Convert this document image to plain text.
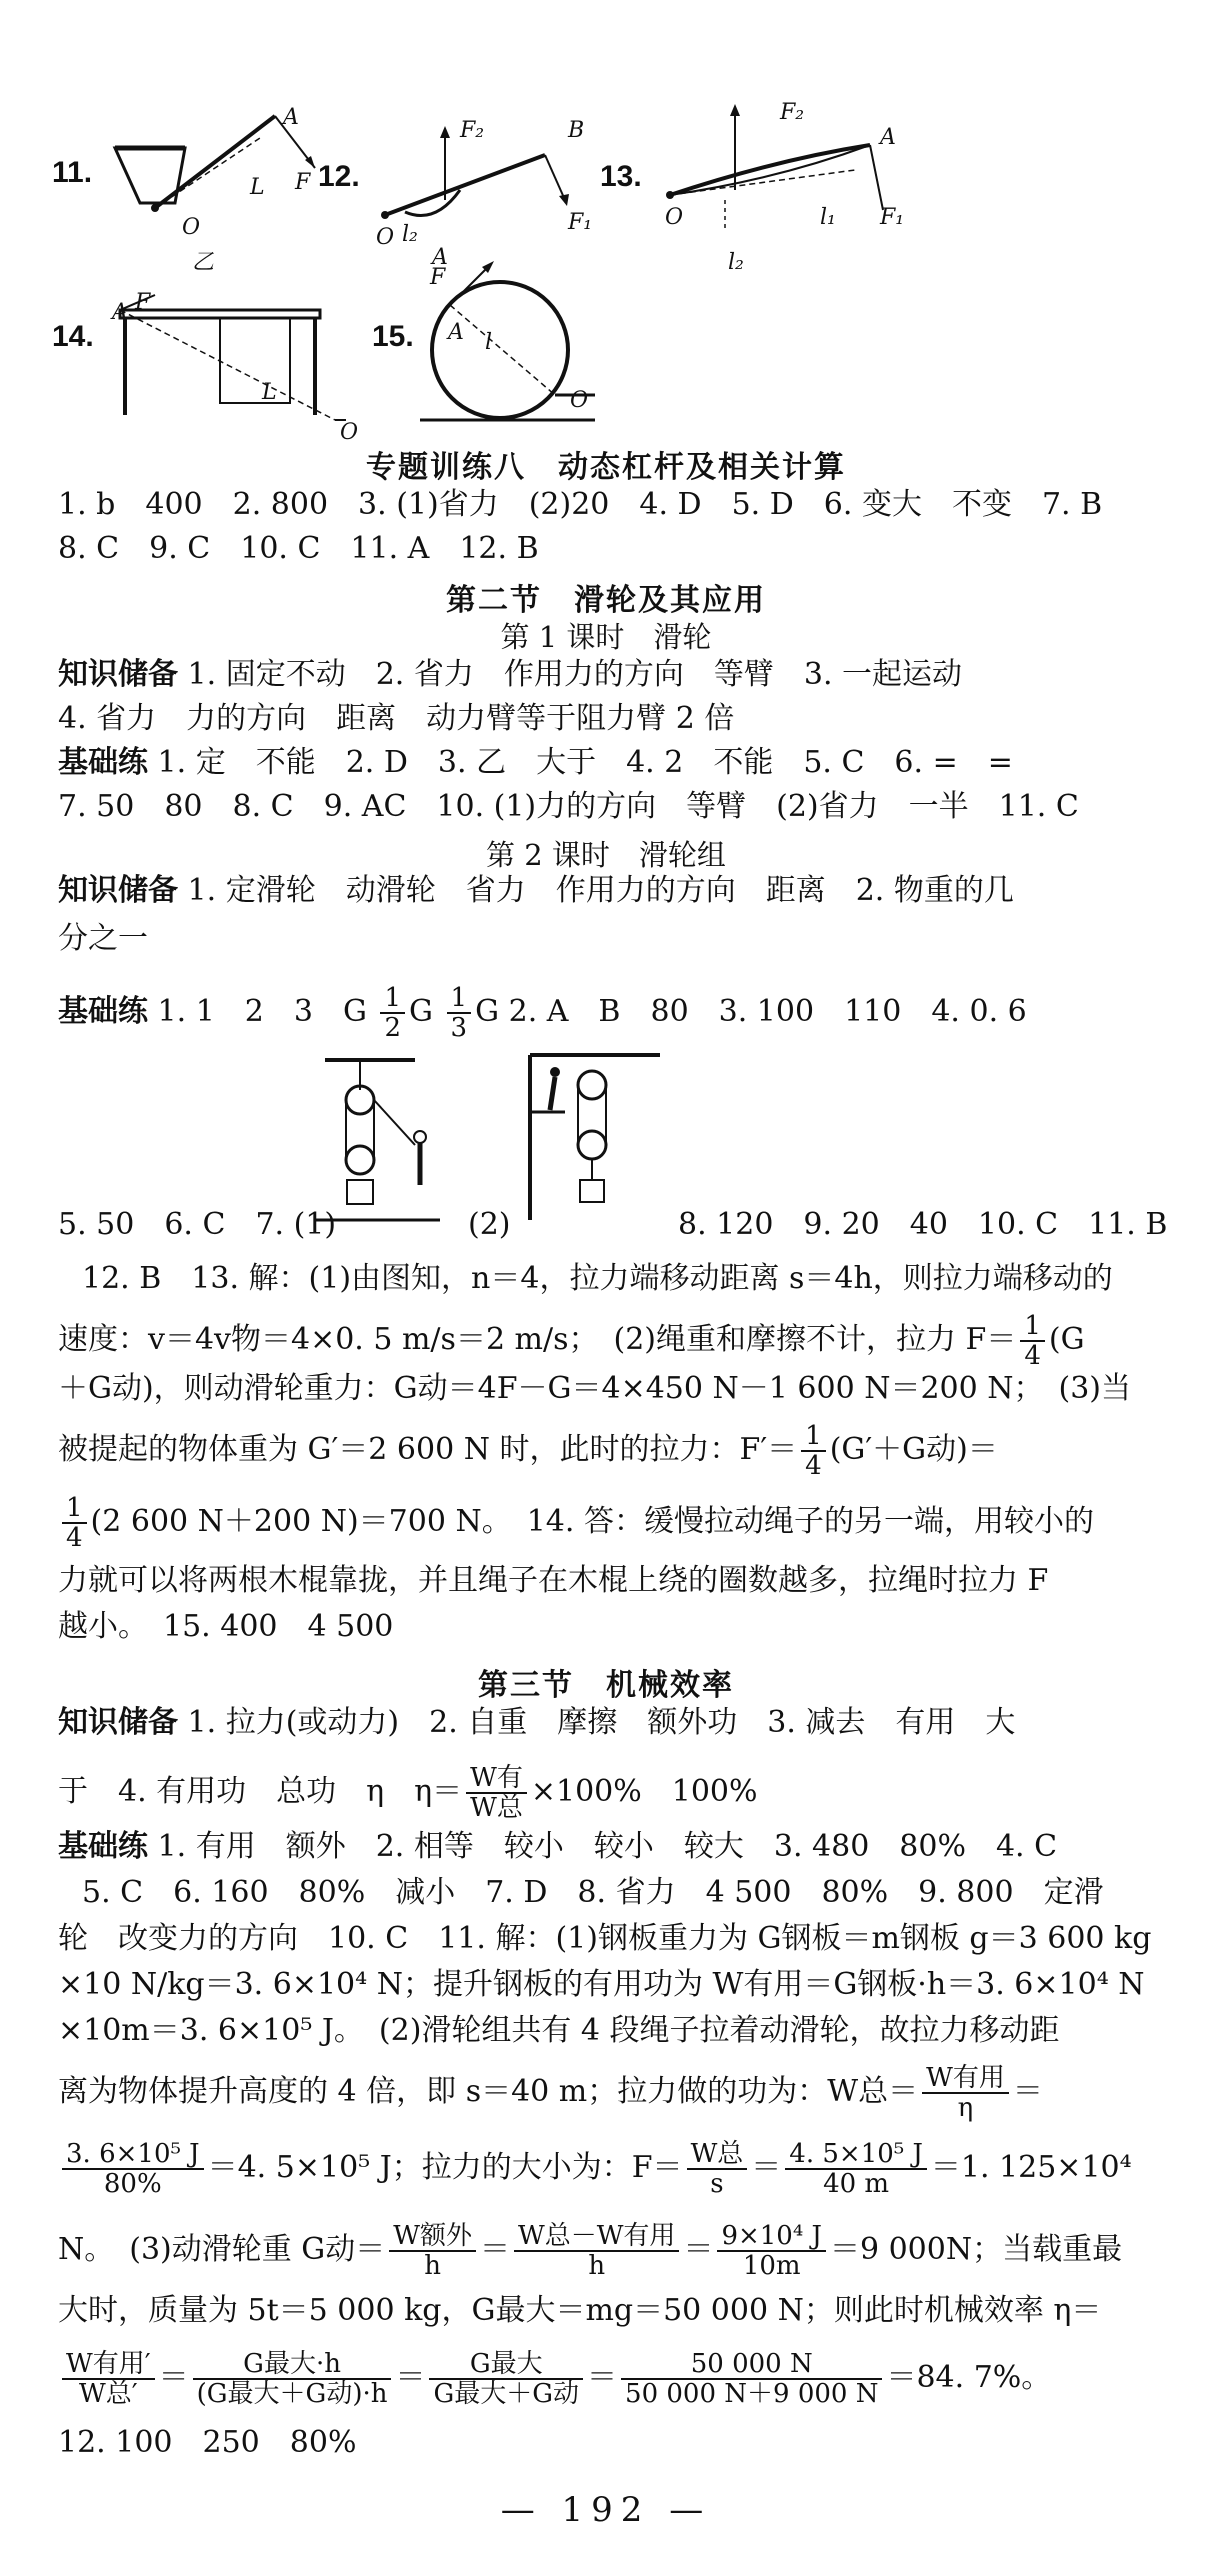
11.	12.	13.
14.	15.
专题训练八　动态杠杆及相关计算
1. b　400　2. 800　3. (1)省力　(2)20　4. D　5. D　6. 变大　不变　7. B
8. C　9. C　10. C　11. A　12. B
第二节　滑轮及其应用
第 1 课时　滑轮
知识储备 1. 固定不动　2. 省力　作用力的方向　等臂　3. 一起运动
4. 省力　力的方向　距离　动力臂等于阻力臂 2 倍
基础练 1. 定　不能　2. D　3. 乙　大于　4. 2　不能　5. C　6. =　=
7. 50　80　8. C　9. AC　10. (1)力的方向　等臂　(2)省力　一半　11. C
第 2 课时　滑轮组
知识储备 1. 定滑轮　动滑轮　省力　作用力的方向　距离　2. 物重的几
分之一
基础练 1. 1　2　3　G $\frac{1}{2}$ G $\frac{1}{3}$ G 2. A　B　80　3. 100　110　4. 0. 6
5. 50　6. C　7. (1)	(2)	8. 120　9. 20　40　10. C　11. B
12. B　13. 解：(1)由图知，n＝4，拉力端移动距离 s＝4h，则拉力端移动的
速度：v＝4v物＝4×0. 5 m/s＝2 m/s；　(2)绳重和摩擦不计，拉力 $F= \frac{1}{4} (G$
＋G动)，则动滑轮重力：G动＝4F－G＝4×450 N－1 600 N＝200 N；　(3)当
被提起的物体重为 G′＝2 600 N 时，此时的拉力：$F'= \frac{1}{4} (G'+G$动)＝
$\frac{1}{4} (2$ 600 N＋200 N)＝700 N。　14. 答：缓慢拉动绳子的另一端，用较小的
力就可以将两根木棍靠拢，并且绳子在木棍上绕的圈数越多，拉绳时拉力 F
越小。　15. 400　4 500
第三节　机械效率
知识储备 1. 拉力(或动力)　2. 自重　摩擦　额外功　3. 减去　有用　大
于　4. 有用功　总功　η　$\eta= \frac{\text{W有}}{\text{W总}} \times 100\%$　100%
基础练 1. 有用　额外　2. 相等　较小　较小　较大　3. 480　80%　4. C
5. C　6. 160　80%　减小　7. D　8. 省力　4 500　80%　9. 800　定滑
轮　改变力的方向　10. C　11. 解：(1)钢板重力为 G钢板＝m钢板 g＝3 600 kg
×10 N/kg＝3. 6×10⁴ N；提升钢板的有用功为 W有用＝G钢板·h＝3. 6×10⁴ N
×10m＝3. 6×10⁵ J。　(2)滑轮组共有 4 段绳子拉着动滑轮，故拉力移动距
离为物体提升高度的 4 倍，即 s＝40 m；拉力做的功为：W总＝ $\frac{\text{W有用}}{\eta}$ ＝
$\frac{\text{3. 6×10⁵ J}}{80\%} =4$. 5×10⁵ J；拉力的大小为：$F= \frac{\text{W总}}{s} = \frac{\text{4. 5×10⁵ J}}{40 m} =1$. 125×10⁴
N。　(3)动滑轮重 G动＝ $\frac{\text{W额外}}{h} = \frac{\text{W总－W有用}}{h} = \frac{\text{9×10⁴ J}}{10m} =9$ 000N；当载重最
大时，质量为 5t＝5 000 kg，G最大＝mg＝50 000 N；则此时机械效率 η＝
$\frac{\text{W有用′}}{\text{W总′}} = \frac{\text{G最大·h}}{\text{(G最大＋G动)·h}} = \frac{\text{G最大}}{\text{G最大＋G动}} = \frac{50 000 N}{50 000 N+9 000 N} =84$. 7%。
12. 100　250　80%
— 192 —
A
L F
O
乙
F₂	B
O l₂
A
F₁
F₂
A
O	l₁ F₁
l₂
A F
L
O
F
A l
O
